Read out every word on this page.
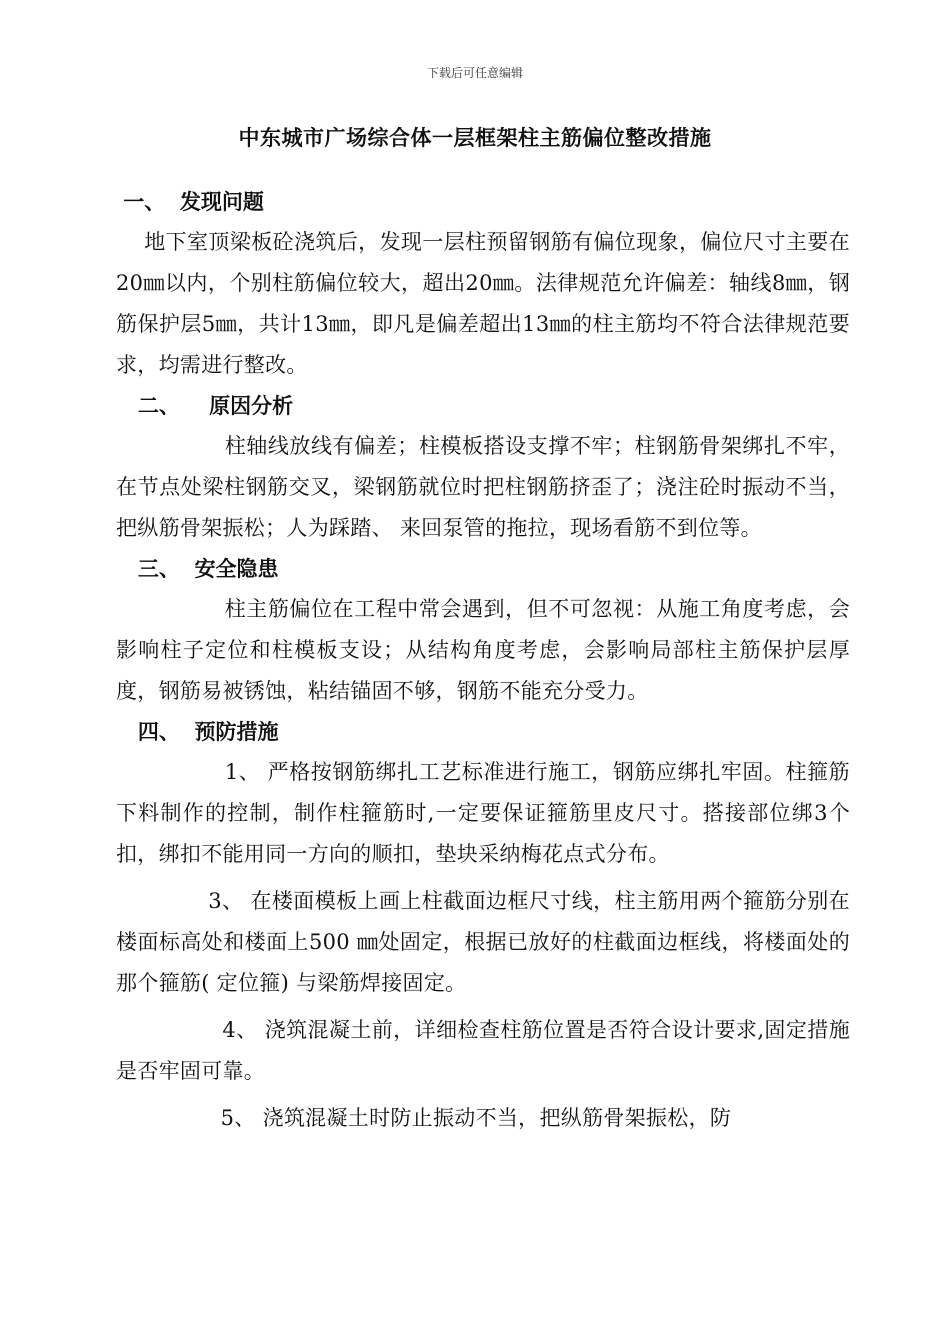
下载后可任意编辑
中东城市广场综合体一层框架柱主筋偏位整改措施
一、  发现问题
地下室顶梁板砼浇筑后，发现一层柱预留钢筋有偏位现象，偏位尺寸主要在20㎜以内，个别柱筋偏位较大，超出20㎜。法律规范允许偏差：轴线8㎜，钢筋保护层5㎜，共计13㎜，即凡是偏差超出13㎜的柱主筋均不符合法律规范要求，均需进行整改。
二、    原因分析
柱轴线放线有偏差；柱模板搭设支撑不牢；柱钢筋骨架绑扎不牢，在节点处梁柱钢筋交叉，梁钢筋就位时把柱钢筋挤歪了；浇注砼时振动不当，把纵筋骨架振松；人为踩踏、 来回泵管的拖拉，现场看筋不到位等。
三、  安全隐患
柱主筋偏位在工程中常会遇到，但不可忽视：从施工角度考虑，会影响柱子定位和柱模板支设；从结构角度考虑，会影响局部柱主筋保护层厚度，钢筋易被锈蚀，粘结锚固不够，钢筋不能充分受力。
四、  预防措施
1、 严格按钢筋绑扎工艺标准进行施工，钢筋应绑扎牢固。柱箍筋下料制作的控制，制作柱箍筋时,一定要保证箍筋里皮尺寸。搭接部位绑3个扣，绑扣不能用同一方向的顺扣，垫块采纳梅花点式分布。
3、 在楼面模板上画上柱截面边框尺寸线，柱主筋用两个箍筋分别在楼面标高处和楼面上500 ㎜处固定，根据已放好的柱截面边框线，将楼面处的那个箍筋( 定位箍) 与梁筋焊接固定。
4、 浇筑混凝土前，详细检查柱筋位置是否符合设计要求,固定措施是否牢固可靠。
5、 浇筑混凝土时防止振动不当，把纵筋骨架振松，防
